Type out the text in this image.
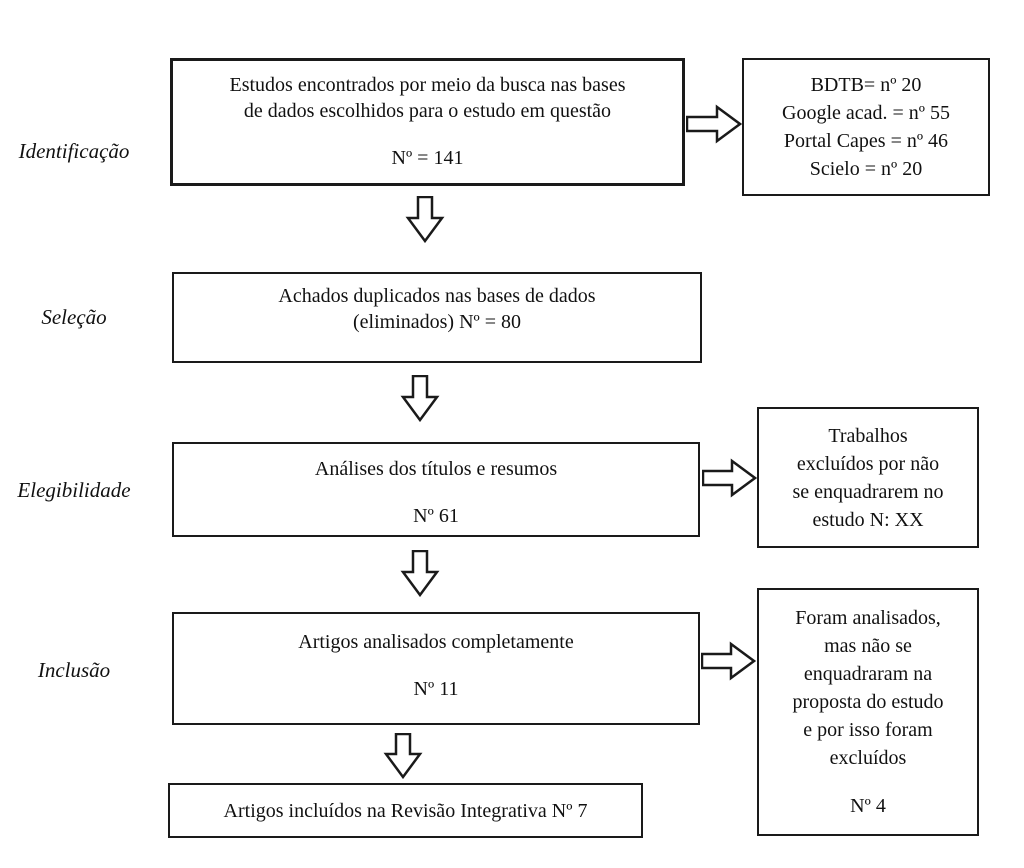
Identificação
Seleção
Elegibilidade
Inclusão
Estudos encontrados por meio da busca nas bases
de dados escolhidos para o estudo em questão
Nº = 141
BDTB= nº 20
Google acad. = nº 55
Portal Capes = nº 46
Scielo = nº 20
Achados duplicados nas bases de dados
(eliminados) Nº = 80
Análises dos títulos e resumos
Nº 61
Trabalhos
excluídos por não
se enquadrarem no
estudo N: XX
Artigos analisados completamente
Nº 11
Foram analisados,
mas não se
enquadraram na
proposta do estudo
e por isso foram
excluídos
Nº 4
Artigos incluídos na Revisão Integrativa Nº 7
